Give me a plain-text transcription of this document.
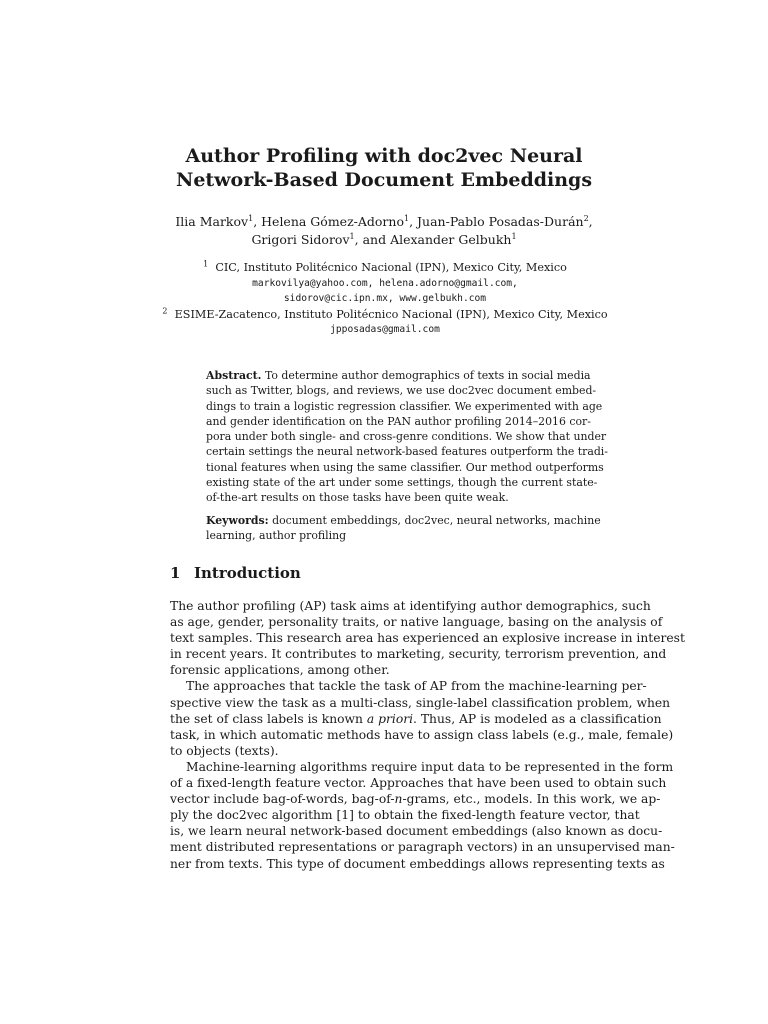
Author Profiling with doc2vec Neural
Network-Based Document Embeddings
Ilia Markov$^1$, Helena Gómez-Adorno$^1$, Juan-Pablo Posadas-Durán$^2$,
Grigori Sidorov$^1$, and Alexander Gelbukh$^1$
$^1$ CIC, Instituto Politécnico Nacional (IPN), Mexico City, Mexico
markovilya@yahoo.com, helena.adorno@gmail.com,
sidorov@cic.ipn.mx, www.gelbukh.com
$^2$ ESIME-Zacatenco, Instituto Politécnico Nacional (IPN), Mexico City, Mexico
jpposadas@gmail.com
Abstract. To determine author demographics of texts in social media
such as Twitter, blogs, and reviews, we use doc2vec document embed-
dings to train a logistic regression classifier. We experimented with age
and gender identification on the PAN author profiling 2014–2016 cor-
pora under both single- and cross-genre conditions. We show that under
certain settings the neural network-based features outperform the tradi-
tional features when using the same classifier. Our method outperforms
existing state of the art under some settings, though the current state-
of-the-art results on those tasks have been quite weak.
Keywords: document embeddings, doc2vec, neural networks, machine
learning, author profiling
1 Introduction
The author profiling (AP) task aims at identifying author demographics, such
as age, gender, personality traits, or native language, basing on the analysis of
text samples. This research area has experienced an explosive increase in interest
in recent years. It contributes to marketing, security, terrorism prevention, and
forensic applications, among other.
The approaches that tackle the task of AP from the machine-learning per-
spective view the task as a multi-class, single-label classification problem, when
the set of class labels is known a priori. Thus, AP is modeled as a classification
task, in which automatic methods have to assign class labels (e.g., male, female)
to objects (texts).
Machine-learning algorithms require input data to be represented in the form
of a fixed-length feature vector. Approaches that have been used to obtain such
vector include bag-of-words, bag-of-n-grams, etc., models. In this work, we ap-
ply the doc2vec algorithm [1] to obtain the fixed-length feature vector, that
is, we learn neural network-based document embeddings (also known as docu-
ment distributed representations or paragraph vectors) in an unsupervised man-
ner from texts. This type of document embeddings allows representing texts as
